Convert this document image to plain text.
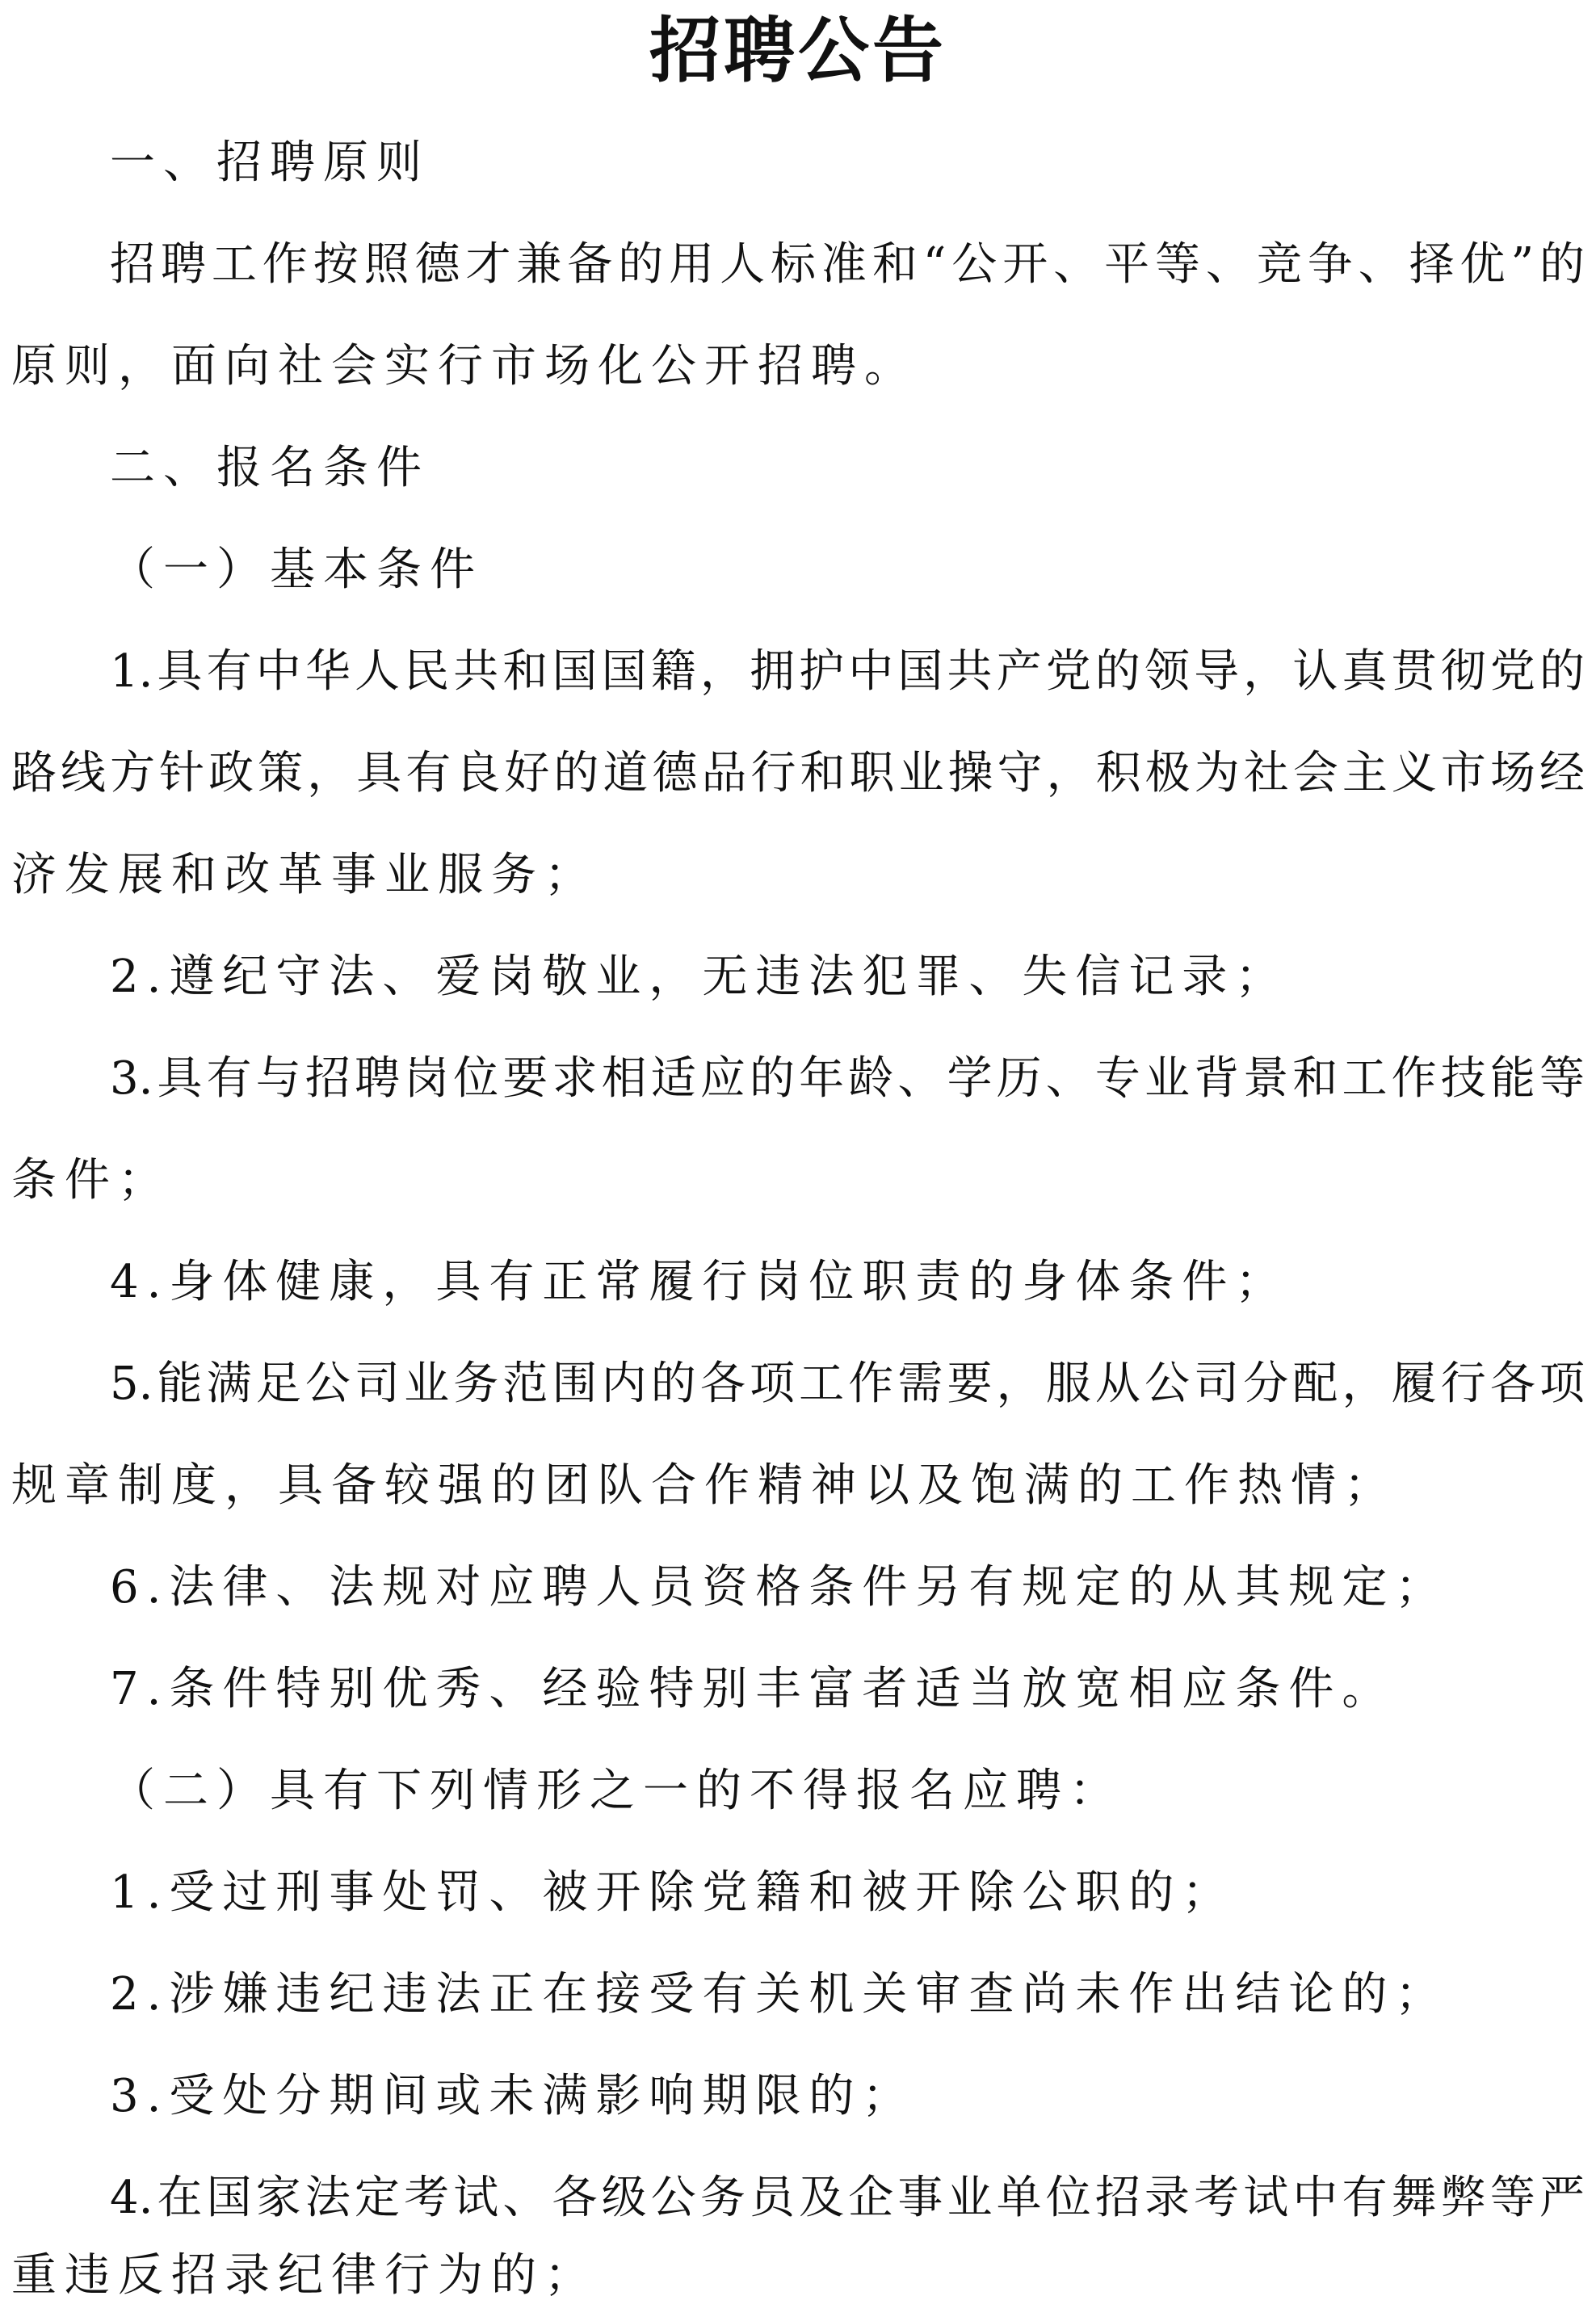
招聘公告
一、招聘原则
招聘工作按照德才兼备的用人标准和“公开、平等、竞争、择优”的
原则，面向社会实行市场化公开招聘。
二、报名条件
（一）基本条件
1.具有中华人民共和国国籍，拥护中国共产党的领导，认真贯彻党的
路线方针政策，具有良好的道德品行和职业操守，积极为社会主义市场经
济发展和改革事业服务；
2.遵纪守法、爱岗敬业，无违法犯罪、失信记录；
3.具有与招聘岗位要求相适应的年龄、学历、专业背景和工作技能等
条件；
4.身体健康，具有正常履行岗位职责的身体条件；
5.能满足公司业务范围内的各项工作需要，服从公司分配，履行各项
规章制度，具备较强的团队合作精神以及饱满的工作热情；
6.法律、法规对应聘人员资格条件另有规定的从其规定；
7.条件特别优秀、经验特别丰富者适当放宽相应条件。
（二）具有下列情形之一的不得报名应聘：
1.受过刑事处罚、被开除党籍和被开除公职的；
2.涉嫌违纪违法正在接受有关机关审查尚未作出结论的；
3.受处分期间或未满影响期限的；
4.在国家法定考试、各级公务员及企事业单位招录考试中有舞弊等严
重违反招录纪律行为的；
